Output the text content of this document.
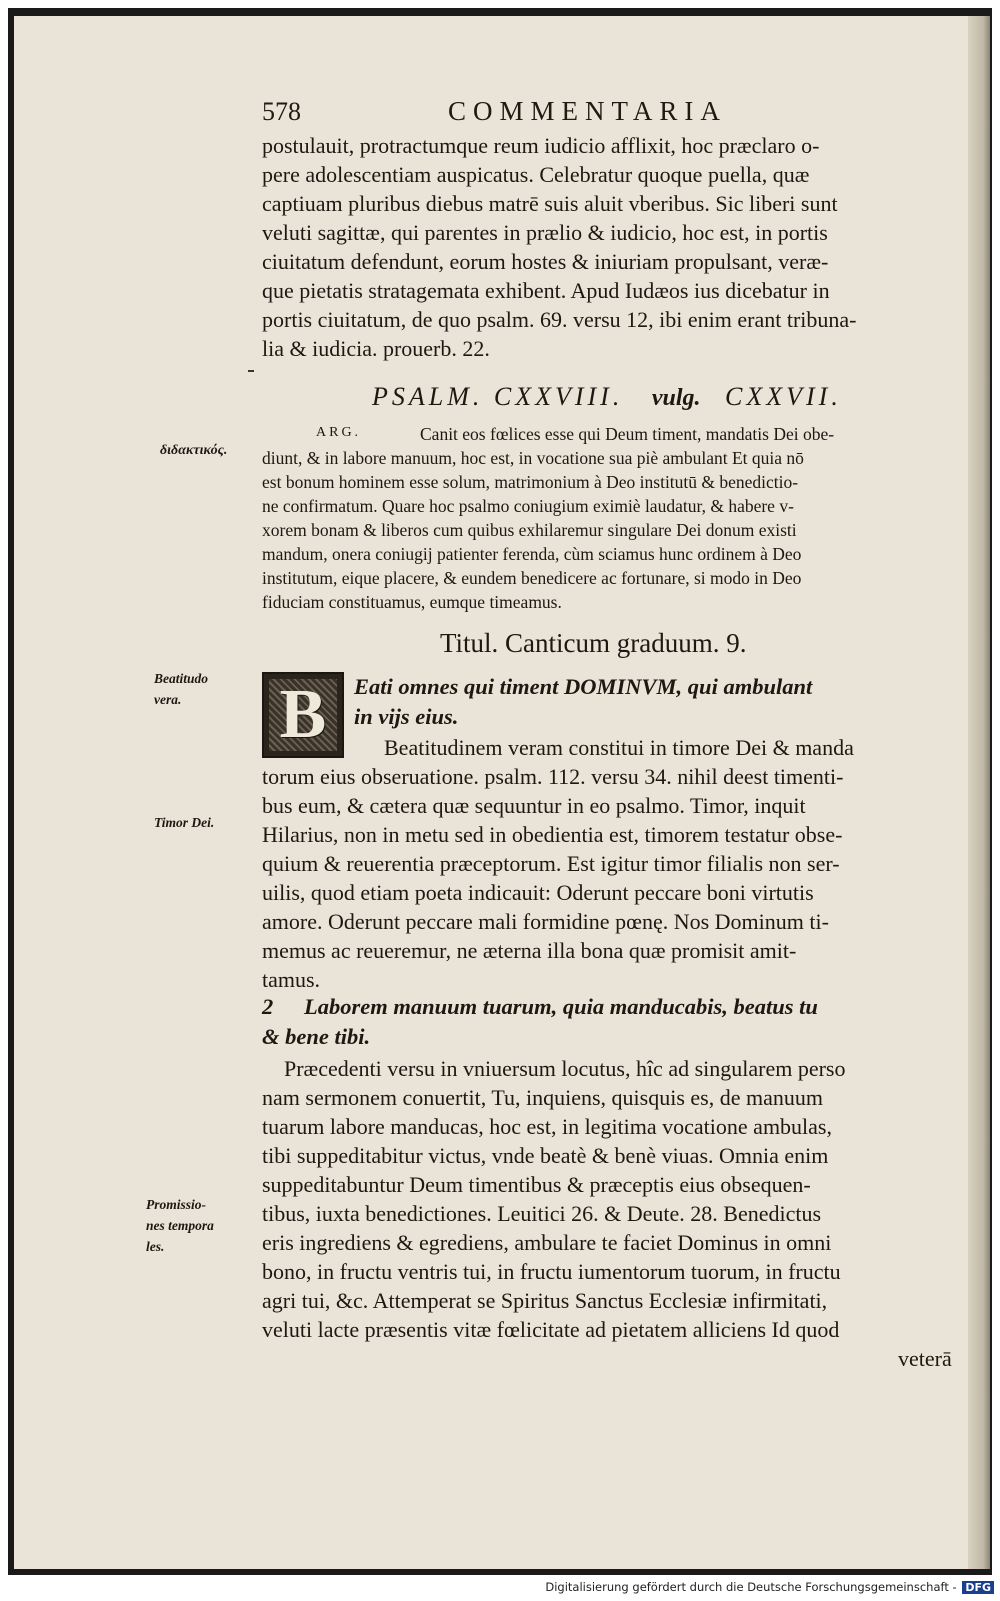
578	COMMENTARIA
postulauit, protractumque reum iudicio afflixit, hoc præclaro o-
pere adolescentiam auspicatus. Celebratur quoque puella, quæ
captiuam pluribus diebus matrē suis aluit vberibus. Sic liberi sunt
veluti sagittæ, qui parentes in prælio & iudicio, hoc est, in portis
ciuitatum defendunt, eorum hostes & iniuriam propulsant, veræ-
que pietatis stratagemata exhibent. Apud Iudæos ius dicebatur in
portis ciuitatum, de quo psalm. 69. versu 12, ibi enim erant tribuna-
lia & iudicia. prouerb. 22.
PSALM. CXXVIII. vulg. CXXVII.
διδακτικός.
ARG.	Canit eos fœlices esse qui Deum timent, mandatis Dei obe-
diunt, & in labore manuum, hoc est, in vocatione sua piè ambulant Et quia nō
est bonum hominem esse solum, matrimonium à Deo institutū & benedictio-
ne confirmatum. Quare hoc psalmo coniugium eximiè laudatur, & habere v-
xorem bonam & liberos cum quibus exhilaremur singulare Dei donum existi
mandum, onera coniugij patienter ferenda, cùm sciamus hunc ordinem à Deo
institutum, eique placere, & eundem benedicere ac fortunare, si modo in Deo
fiduciam constituamus, eumque timeamus.
Titul. Canticum graduum. 9.
Beatitudo
vera.	B Eati omnes qui timent DOMINVM, qui ambulant
in vijs eius.
Timor Dei.
Beatitudinem veram constitui in timore Dei & manda
torum eius obseruatione. psalm. 112. versu 34. nihil deest timenti-
bus eum, & cætera quæ sequuntur in eo psalmo. Timor, inquit
Hilarius, non in metu sed in obedientia est, timorem testatur obse-
quium & reuerentia præceptorum. Est igitur timor filialis non ser-
uilis, quod etiam poeta indicauit: Oderunt peccare boni virtutis
amore. Oderunt peccare mali formidine pœnę. Nos Dominum ti-
memus ac reueremur, ne æterna illa bona quæ promisit amit-
tamus.
2 Laborem manuum tuarum, quia manducabis, beatus tu
& bene tibi.
Promissio-
nes tempora
les.
Præcedenti versu in vniuersum locutus, hîc ad singularem perso
nam sermonem conuertit, Tu, inquiens, quisquis es, de manuum
tuarum labore manducas, hoc est, in legitima vocatione ambulas,
tibi suppeditabitur victus, vnde beatè & benè viuas. Omnia enim
suppeditabuntur Deum timentibus & præceptis eius obsequen-
tibus, iuxta benedictiones. Leuitici 26. & Deute. 28. Benedictus
eris ingrediens & egrediens, ambulare te faciet Dominus in omni
bono, in fructu ventris tui, in fructu iumentorum tuorum, in fructu
agri tui, &c. Attemperat se Spiritus Sanctus Ecclesiæ infirmitati,
veluti lacte præsentis vitæ fœlicitate ad pietatem alliciens Id quod
veterā
Digitalisierung gefördert durch die Deutsche Forschungsgemeinschaft - DFG
